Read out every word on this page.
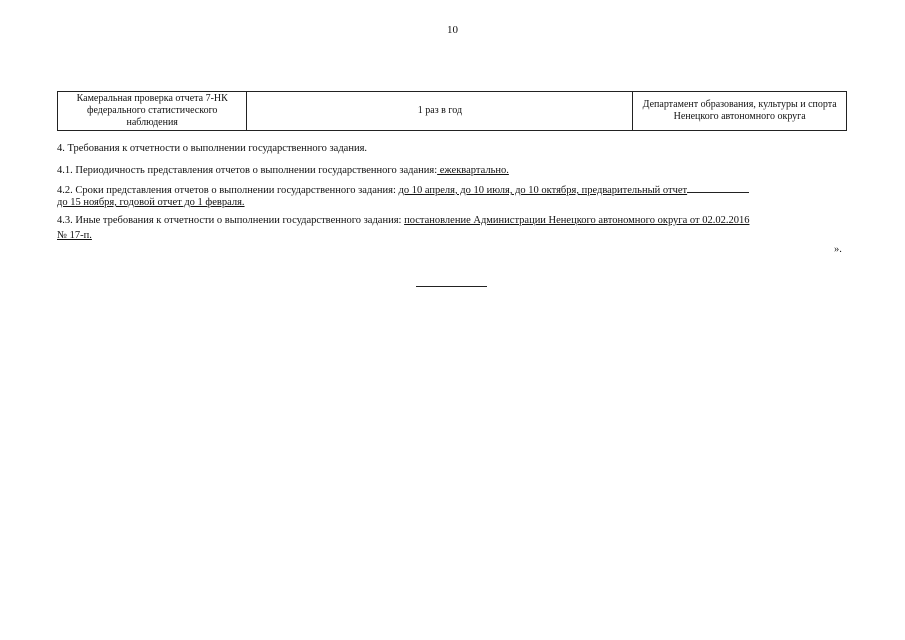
10
Камеральная проверка отчета 7-НК федерального статистического наблюдения	1 раз в год	Департамент образования, культуры и спорта Ненецкого автономного округа
4. Требования к отчетности о выполнении государственного задания.
4.1. Периодичность представления отчетов о выполнении государственного задания: ежеквартально.
4.2. Сроки представления отчетов о выполнении государственного задания: до 10 апреля, до 10 июля, до 10 октября, предварительный отчет
до 15 ноября, годовой отчет до 1 февраля.
4.3. Иные требования к отчетности о выполнении государственного задания: постановление Администрации Ненецкого автономного округа от 02.02.2016
№ 17-п.
».
